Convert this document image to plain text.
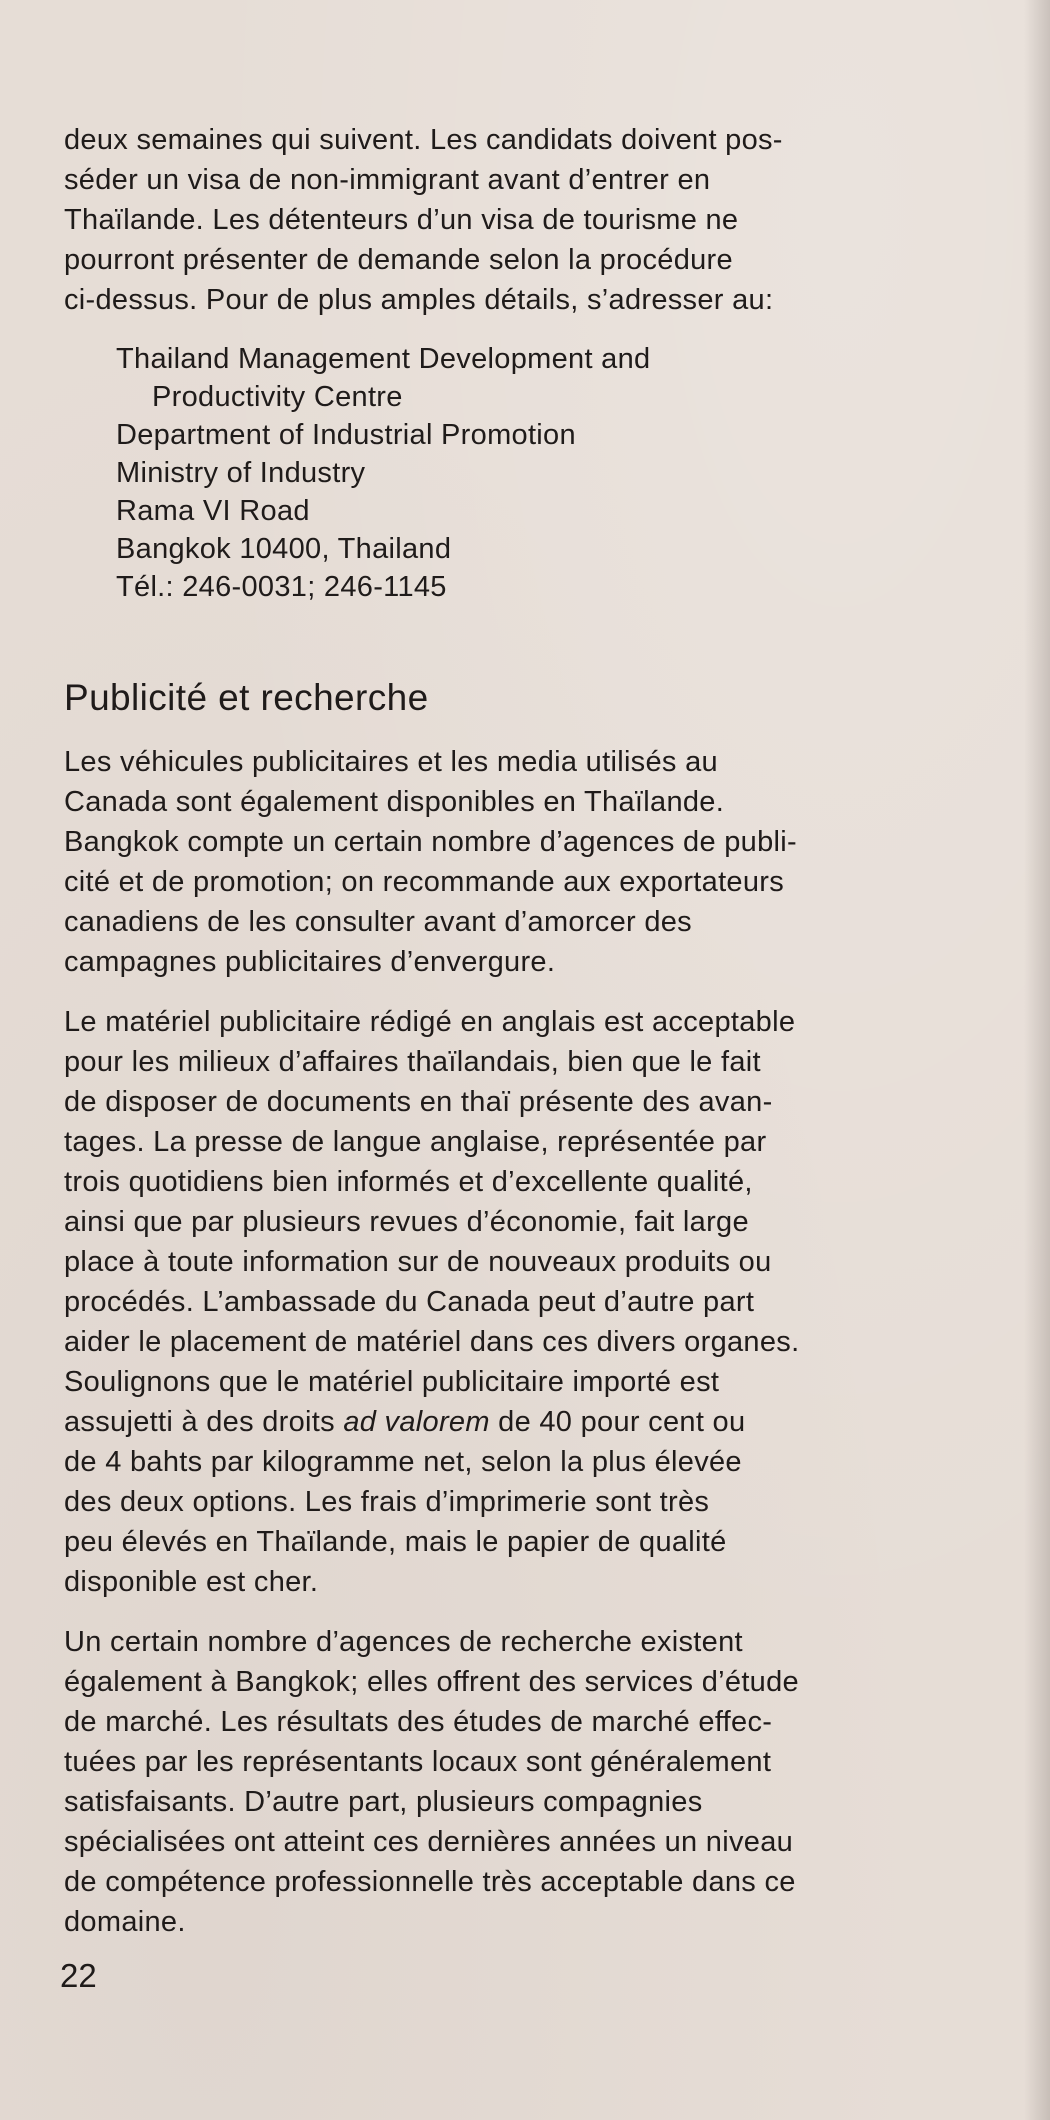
deux semaines qui suivent. Les candidats doivent pos-
séder un visa de non-immigrant avant d’entrer en
Thaïlande. Les détenteurs d’un visa de tourisme ne
pourront présenter de demande selon la procédure
ci-dessus. Pour de plus amples détails, s’adresser au:

Thailand Management Development and
Productivity Centre
Department of Industrial Promotion
Ministry of Industry
Rama VI Road
Bangkok 10400, Thailand
Tél.: 246-0031; 246-1145
Publicité et recherche

Les véhicules publicitaires et les media utilisés au
Canada sont également disponibles en Thaïlande.
Bangkok compte un certain nombre d’agences de publi-
cité et de promotion; on recommande aux exportateurs
canadiens de les consulter avant d’amorcer des
campagnes publicitaires d’envergure.

Le matériel publicitaire rédigé en anglais est acceptable
pour les milieux d’affaires thaïlandais, bien que le fait
de disposer de documents en thaï présente des avan-
tages. La presse de langue anglaise, représentée par
trois quotidiens bien informés et d’excellente qualité,
ainsi que par plusieurs revues d’économie, fait large
place à toute information sur de nouveaux produits ou
procédés. L’ambassade du Canada peut d’autre part
aider le placement de matériel dans ces divers organes.
Soulignons que le matériel publicitaire importé est
assujetti à des droits ad valorem de 40 pour cent ou
de 4 bahts par kilogramme net, selon la plus élevée
des deux options. Les frais d’imprimerie sont très
peu élevés en Thaïlande, mais le papier de qualité
disponible est cher.

Un certain nombre d’agences de recherche existent
également à Bangkok; elles offrent des services d’étude
de marché. Les résultats des études de marché effec-
tuées par les représentants locaux sont généralement
satisfaisants. D’autre part, plusieurs compagnies
spécialisées ont atteint ces dernières années un niveau
de compétence professionnelle très acceptable dans ce
domaine.

22
